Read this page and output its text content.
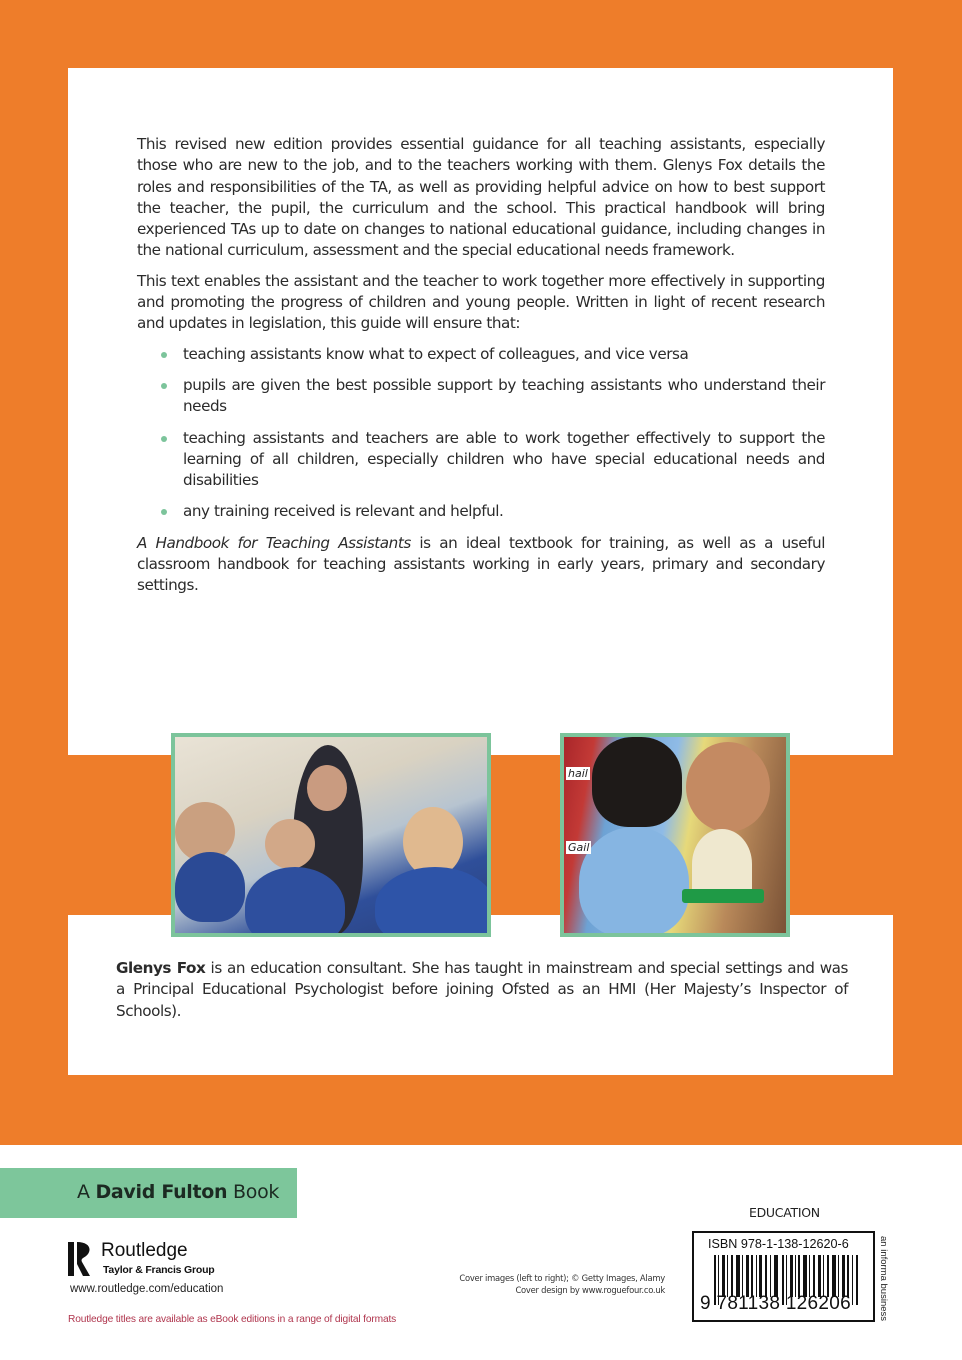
This revised new edition provides essential guidance for all teaching assistants, especially those who are new to the job, and to the teachers working with them. Glenys Fox details the roles and responsibilities of the TA, as well as providing helpful advice on how to best support the teacher, the pupil, the curriculum and the school. This practical handbook will bring experienced TAs up to date on changes to national educational guidance, including changes in the national curriculum, assessment and the special educational needs framework.

This text enables the assistant and the teacher to work together more effectively in supporting and promoting the progress of children and young people. Written in light of recent research and updates in legislation, this guide will ensure that:

teaching assistants know what to expect of colleagues, and vice versa
pupils are given the best possible support by teaching assistants who understand their needs
teaching assistants and teachers are able to work together effectively to support the learning of all children, especially children who have special educational needs and disabilities
any training received is relevant and helpful.

A Handbook for Teaching Assistants is an ideal textbook for training, as well as a useful classroom handbook for teaching assistants working in early years, primary and secondary settings.

hail
Gail
Glenys Fox is an education consultant. She has taught in mainstream and special settings and was a Principal Educational Psychologist before joining Ofsted as an HMI (Her Majesty’s Inspector of Schools).
A David Fulton Book
Routledge
Taylor & Francis Group
www.routledge.com/education
Routledge titles are available as eBook editions in a range of digital formats
Cover images (left to right); © Getty Images, Alamy
Cover design by www.roguefour.co.uk
EDUCATION
ISBN 978-1-138-12620-6
9 781138 126206	an informa business
